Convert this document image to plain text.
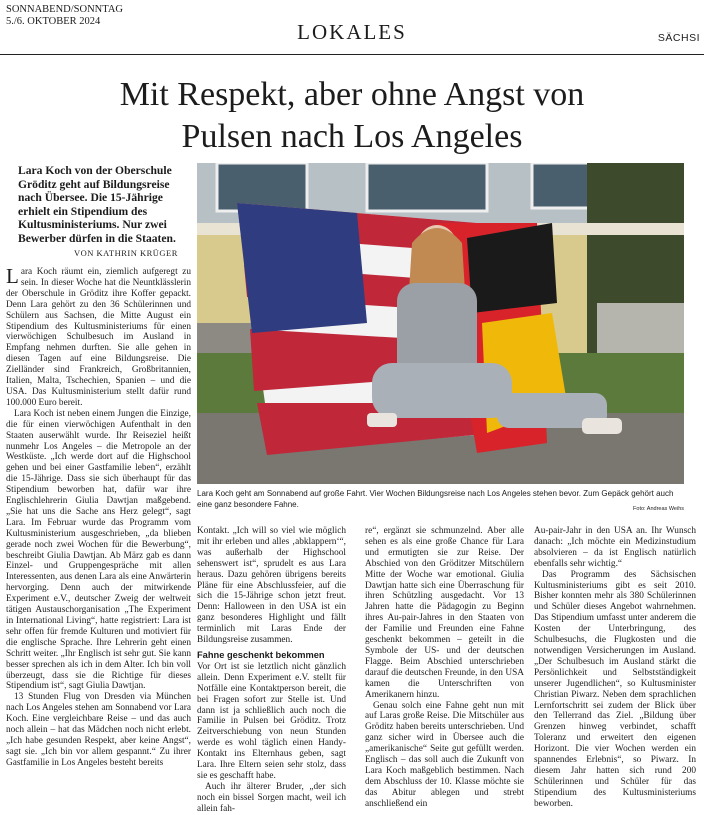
SONNABEND/SONNTAG
5./6. OKTOBER 2024	LOKALES	SÄCHSI
Mit Respekt, aber ohne Angst von
Pulsen nach Los Angeles
Lara Koch von der Oberschule Gröditz geht auf Bildungsreise nach Übersee. Die 15-Jährige erhielt ein Stipendium des Kultusministeriums. Nur zwei Bewerber dürfen in die Staaten.
VON KATHRIN KRÜGER
Lara Koch geht am Sonnabend auf große Fahrt. Vier Wochen Bildungsreise nach Los Angeles stehen bevor. Zum Gepäck gehört auch eine ganz besondere Fahne.
Foto: Andreas Weihs

Lara Koch räumt ein, ziemlich aufgeregt zu sein. In dieser Woche hat die Neuntklässlerin der Oberschule in Gröditz ihre Koffer gepackt. Denn Lara gehört zu den 36 Schülerinnen und Schülern aus Sachsen, die Mitte August ein Stipendium des Kultusministeriums für einen vierwöchigen Schulbesuch im Ausland in Empfang nehmen durften. Sie alle gehen in diesen Tagen auf eine Bildungsreise. Die Zielländer sind Frankreich, Großbritannien, Italien, Malta, Tschechien, Spanien – und die USA. Das Kultusministerium stellt dafür rund 100.000 Euro bereit.

Lara Koch ist neben einem Jungen die Einzige, die für einen vierwöchigen Aufenthalt in den Staaten auserwählt wurde. Ihr Reiseziel heißt nunmehr Los Angeles – die Metropole an der Westküste. „Ich werde dort auf die Highschool gehen und bei einer Gastfamilie leben“, erzählt die 15-Jährige. Dass sie sich überhaupt für das Stipendium beworben hat, dafür war ihre Englischlehrerin Giulia Dawtjan maßgebend. „Sie hat uns die Sache ans Herz gelegt“, sagt Lara. Im Februar wurde das Programm vom Kultusministerium ausgeschrieben, „da blieben gerade noch zwei Wochen für die Bewerbung“, beschreibt Giulia Dawtjan. Ab März gab es dann Einzel- und Gruppengespräche mit allen Interessenten, aus denen Lara als eine Anwärterin hervorging. Denn auch der mitwirkende Experiment e.V., deutscher Zweig der weltweit tätigen Austauschorganisation „The Experiment in International Living“, hatte registriert: Lara ist sehr offen für fremde Kulturen und motiviert für die englische Sprache. Ihre Lehrerin geht einen Schritt weiter. „Ihr Englisch ist sehr gut. Sie kann besser sprechen als ich in dem Alter. Ich bin voll überzeugt, dass sie die Richtige für dieses Stipendium ist“, sagt Giulia Dawtjan.

13 Stunden Flug von Dresden via München nach Los Angeles stehen am Sonnabend vor Lara Koch. Eine vergleichbare Reise – und das auch noch allein – hat das Mädchen noch nicht erlebt. „Ich habe gesunden Respekt, aber keine Angst“, sagt sie. „Ich bin vor allem gespannt.“ Zu ihrer Gastfamilie in Los Angeles besteht bereits

Kontakt. „Ich will so viel wie möglich mit ihr erleben und alles ‚abklappern‘“, was außerhalb der Highschool sehenswert ist“, sprudelt es aus Lara heraus. Dazu gehören übrigens bereits Pläne für eine Abschlussfeier, auf die sich die 15-Jährige schon jetzt freut. Denn: Halloween in den USA ist ein ganz besonderes Highlight und fällt terminlich mit Laras Ende der Bildungsreise zusammen.

Fahne geschenkt bekommen

Vor Ort ist sie letztlich nicht gänzlich allein. Denn Experiment e.V. stellt für Notfälle eine Kontaktperson bereit, die bei Fragen sofort zur Stelle ist. Und dann ist ja schließlich auch noch die Familie in Pulsen bei Gröditz. Trotz Zeitverschiebung von neun Stunden werde es wohl täglich einen Handy-Kontakt ins Elternhaus geben, sagt Lara. Ihre Eltern seien sehr stolz, dass sie es geschafft habe.

Auch ihr älterer Bruder, „der sich noch ein bissel Sorgen macht, weil ich allein fah-

re“, ergänzt sie schmunzelnd. Aber alle sehen es als eine große Chance für Lara und ermutigten sie zur Reise. Der Abschied von den Gröditzer Mitschülern Mitte der Woche war emotional. Giulia Dawtjan hatte sich eine Überraschung für ihren Schützling ausgedacht. Vor 13 Jahren hatte die Pädagogin zu Beginn ihres Au-pair-Jahres in den Staaten von der Familie und Freunden eine Fahne geschenkt bekommen – geteilt in die Symbole der US- und der deutschen Flagge. Beim Abschied unterschrieben darauf die deutschen Freunde, in den USA kamen die Unterschriften von Amerikanern hinzu.

Genau solch eine Fahne geht nun mit auf Laras große Reise. Die Mitschüler aus Gröditz haben bereits unterschrieben. Und ganz sicher wird in Übersee auch die „amerikanische“ Seite gut gefüllt werden. Englisch – das soll auch die Zukunft von Lara Koch maßgeblich bestimmen. Nach dem Abschluss der 10. Klasse möchte sie das Abitur ablegen und strebt anschließend ein

Au-pair-Jahr in den USA an. Ihr Wunsch danach: „Ich möchte ein Medizinstudium absolvieren – da ist Englisch natürlich ebenfalls sehr wichtig.“

Das Programm des Sächsischen Kultusministeriums gibt es seit 2010. Bisher konnten mehr als 380 Schülerinnen und Schüler dieses Angebot wahrnehmen. Das Stipendium umfasst unter anderem die Kosten der Unterbringung, des Schulbesuchs, die Flugkosten und die notwendigen Versicherungen im Ausland. „Der Schulbesuch im Ausland stärkt die Persönlichkeit und Selbstständigkeit unserer Jugendlichen“, so Kultusminister Christian Piwarz. Neben dem sprachlichen Lernfortschritt sei zudem der Blick über den Tellerrand das Ziel. „Bildung über Grenzen hinweg verbindet, schafft Toleranz und erweitert den eigenen Horizont. Die vier Wochen werden ein spannendes Erlebnis“, so Piwarz. In diesem Jahr hatten sich rund 200 Schülerinnen und Schüler für das Stipendium des Kultusministeriums beworben.
